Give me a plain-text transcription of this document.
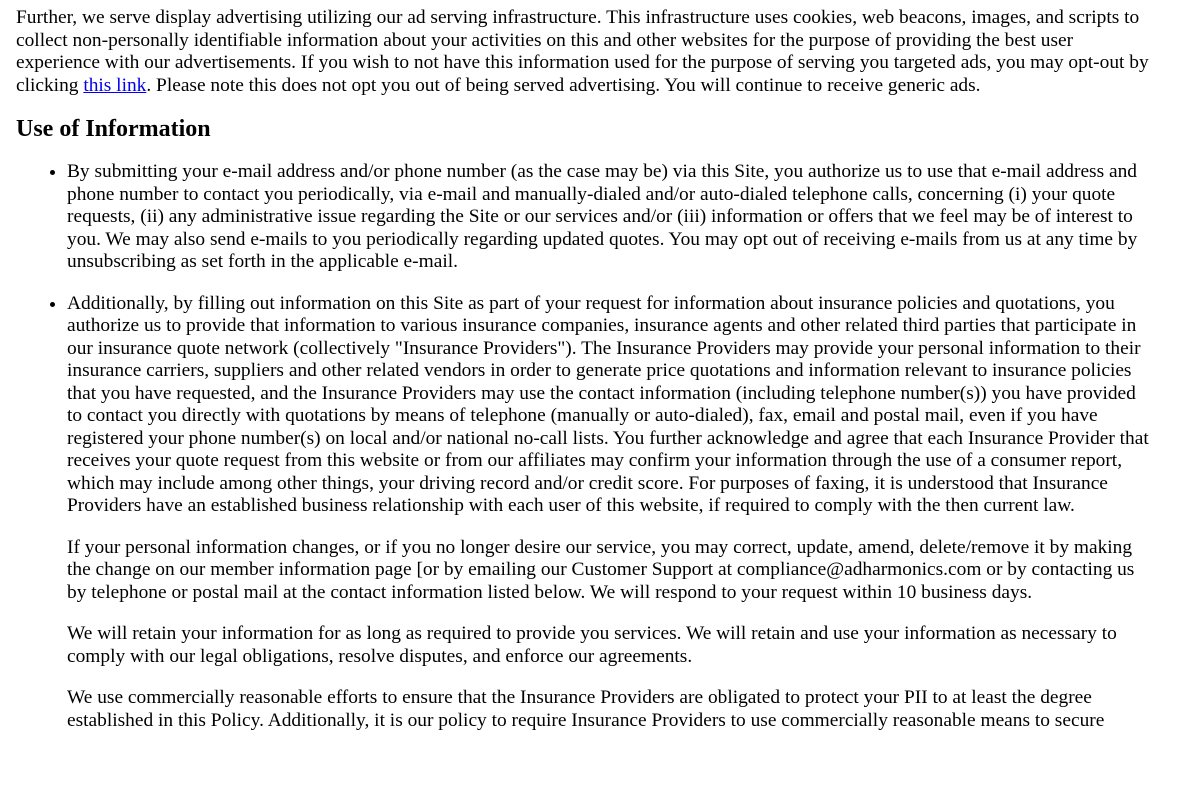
Further, we serve display advertising utilizing our ad serving infrastructure. This infrastructure uses cookies, web beacons, images, and scripts to collect non-personally identifiable information about your activities on this and other websites for the purpose of providing the best user experience with our advertisements. If you wish to not have this information used for the purpose of serving you targeted ads, you may opt-out by clicking this link. Please note this does not opt you out of being served advertising. You will continue to receive generic ads.

Use of Information
• By submitting your e-mail address and/or phone number (as the case may be) via this Site, you authorize us to use that e-mail address and phone number to contact you periodically, via e-mail and manually-dialed and/or auto-dialed telephone calls, concerning (i) your quote requests, (ii) any administrative issue regarding the Site or our services and/or (iii) information or offers that we feel may be of interest to you. We may also send e-mails to you periodically regarding updated quotes. You may opt out of receiving e-mails from us at any time by unsubscribing as set forth in the applicable e-mail.
• Additionally, by filling out information on this Site as part of your request for information about insurance policies and quotations, you authorize us to provide that information to various insurance companies, insurance agents and other related third parties that participate in our insurance quote network (collectively "Insurance Providers"). The Insurance Providers may provide your personal information to their insurance carriers, suppliers and other related vendors in order to generate price quotations and information relevant to insurance policies that you have requested, and the Insurance Providers may use the contact information (including telephone number(s)) you have provided to contact you directly with quotations by means of telephone (manually or auto-dialed), fax, email and postal mail, even if you have registered your phone number(s) on local and/or national no-call lists. You further acknowledge and agree that each Insurance Provider that receives your quote request from this website or from our affiliates may confirm your information through the use of a consumer report, which may include among other things, your driving record and/or credit score. For purposes of faxing, it is understood that Insurance Providers have an established business relationship with each user of this website, if required to comply with the then current law.

If your personal information changes, or if you no longer desire our service, you may correct, update, amend, delete/remove it by making the change on our member information page [or by emailing our Customer Support at compliance@adharmonics.com or by contacting us by telephone or postal mail at the contact information listed below. We will respond to your request within 10 business days.

We will retain your information for as long as required to provide you services. We will retain and use your information as necessary to comply with our legal obligations, resolve disputes, and enforce our agreements.

We use commercially reasonable efforts to ensure that the Insurance Providers are obligated to protect your PII to at least the degree established in this Policy. Additionally, it is our policy to require Insurance Providers to use commercially reasonable means to secure
